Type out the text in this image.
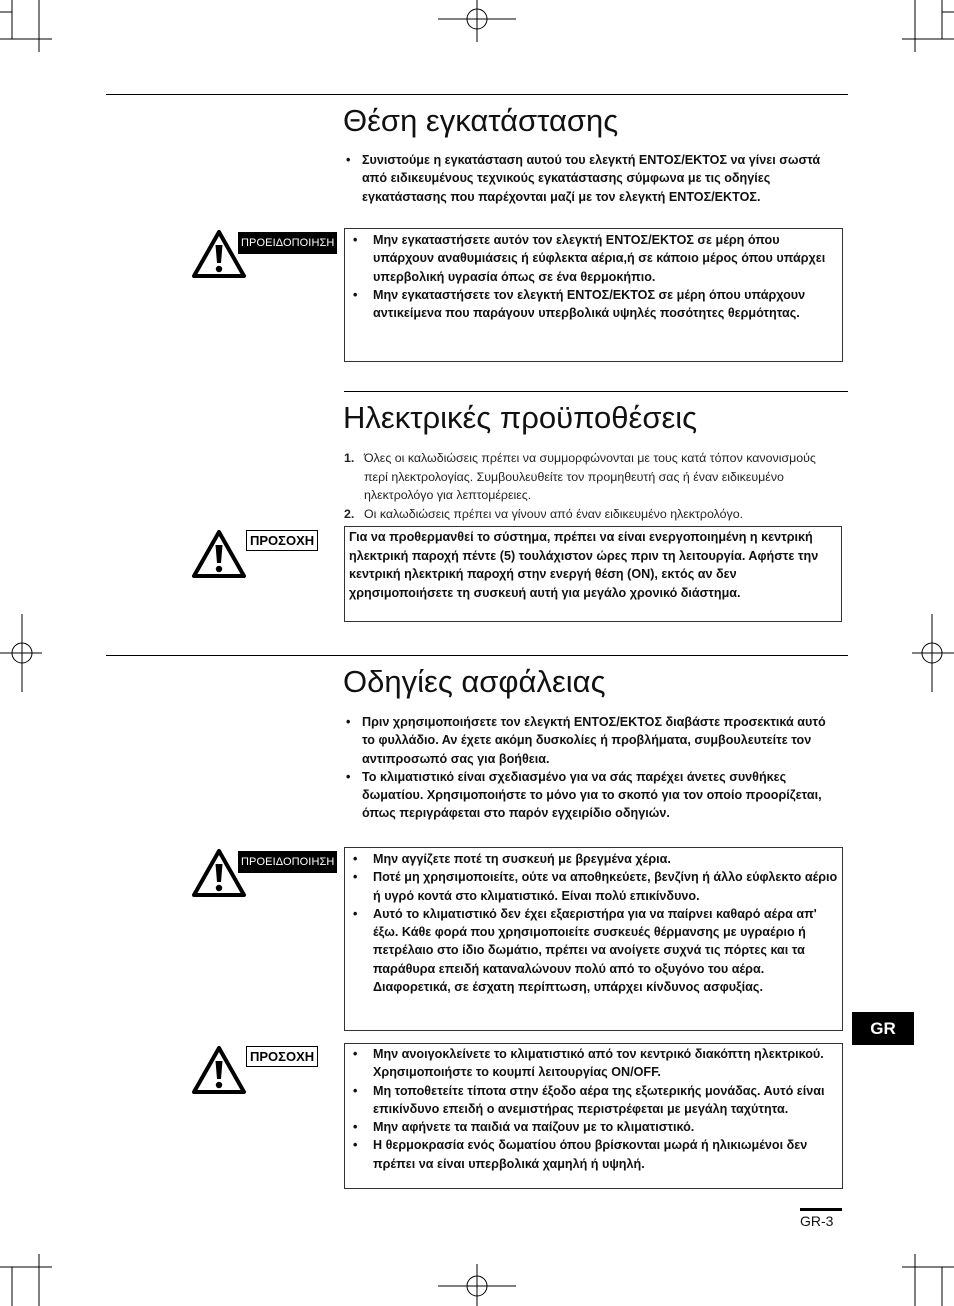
Θέση εγκατάστασης
• Συνιστούμε η εγκατάσταση αυτού του ελεγκτή ΕΝΤΟΣ/ΕΚΤΟΣ να γίνει σωστά από ειδικευμένους τεχνικούς εγκατάστασης σύμφωνα με τις οδηγίες εγκατάστασης που παρέχονται μαζί με τον ελεγκτή ΕΝΤΟΣ/ΕΚΤΟΣ.
ΠΡΟΕΙΔΟΠΟΙΗΣΗ	• Μην εγκαταστήσετε αυτόν τον ελεγκτή ΕΝΤΟΣ/ΕΚΤΟΣ σε μέρη όπου υπάρχουν αναθυμιάσεις ή εύφλεκτα αέρια,ή σε κάποιο μέρος όπου υπάρχει υπερβολική υγρασία όπως σε ένα θερμοκήπιο.
• Μην εγκαταστήσετε τον ελεγκτή ΕΝΤΟΣ/ΕΚΤΟΣ σε μέρη όπου υπάρχουν αντικείμενα που παράγουν υπερβολικά υψηλές ποσότητες θερμότητας.
Ηλεκτρικές προϋποθέσεις
1. Όλες οι καλωδιώσεις πρέπει να συμμορφώνονται με τους κατά τόπον κανονισμούς περί ηλεκτρολογίας. Συμβουλευθείτε τον προμηθευτή σας ή έναν ειδικευμένο ηλεκτρολόγο για λεπτομέρειες.
2. Οι καλωδιώσεις πρέπει να γίνουν από έναν ειδικευμένο ηλεκτρολόγο.
ΠΡΟΣΟΧΗ	Για να προθερμανθεί το σύστημα, πρέπει να είναι ενεργοποιημένη η κεντρική ηλεκτρική παροχή πέντε (5) τουλάχιστον ώρες πριν τη λειτουργία. Αφήστε την κεντρική ηλεκτρική παροχή στην ενεργή θέση (ON), εκτός αν δεν χρησιμοποιήσετε τη συσκευή αυτή για μεγάλο χρονικό διάστημα.
Οδηγίες ασφάλειας
• Πριν χρησιμοποιήσετε τον ελεγκτή ΕΝΤΟΣ/ΕΚΤΟΣ διαβάστε προσεκτικά αυτό το φυλλάδιο. Αν έχετε ακόμη δυσκολίες ή προβλήματα, συμβουλευτείτε τον αντιπροσωπό σας για βοήθεια.
• Το κλιματιστικό είναι σχεδιασμένο για να σάς παρέχει άνετες συνθήκες δωματίου. Χρησιμοποιήστε το μόνο για το σκοπό για τον οποίο προορίζεται, όπως περιγράφεται στο παρόν εγχειρίδιο οδηγιών.
ΠΡΟΕΙΔΟΠΟΙΗΣΗ	• Μην αγγίζετε ποτέ τη συσκευή με βρεγμένα χέρια.
• Ποτέ μη χρησιμοποιείτε, ούτε να αποθηκεύετε, βενζίνη ή άλλο εύφλεκτο αέριο ή υγρό κοντά στο κλιματιστικό. Είναι πολύ επικίνδυνο.
• Αυτό το κλιματιστικό δεν έχει εξαεριστήρα για να παίρνει καθαρό αέρα απ' έξω. Κάθε φορά που χρησιμοποιείτε συσκευές θέρμανσης με υγραέριο ή πετρέλαιο στο ίδιο δωμάτιο, πρέπει να ανοίγετε συχνά τις πόρτες και τα παράθυρα επειδή καταναλώνουν πολύ από το οξυγόνο του αέρα. Διαφορετικά, σε έσχατη περίπτωση, υπάρχει κίνδυνος ασφυξίας.
ΠΡΟΣΟΧΗ	• Μην ανοιγοκλείνετε το κλιματιστικό από τον κεντρικό διακόπτη ηλεκτρικού. Χρησιμοποιήστε το κουμπί λειτουργίας ON/OFF.
• Μη τοποθετείτε τίποτα στην έξοδο αέρα της εξωτερικής μονάδας. Αυτό είναι επικίνδυνο επειδή ο ανεμιστήρας περιστρέφεται με μεγάλη ταχύτητα.
• Μην αφήνετε τα παιδιά να παίζουν με το κλιματιστικό.
• Η θερμοκρασία ενός δωματίου όπου βρίσκονται μωρά ή ηλικιωμένοι δεν πρέπει να είναι υπερβολικά χαμηλή ή υψηλή.
GR
GR-3
